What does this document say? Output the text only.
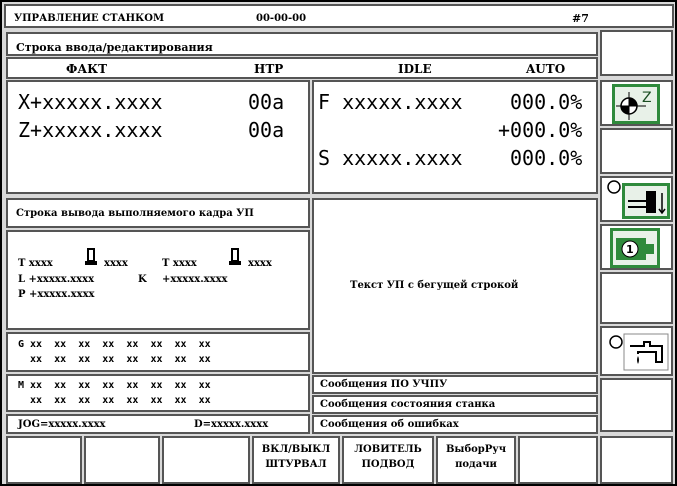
УПРАВЛЕНИЕ СТАНКОМ	00-00-00	#7
Строка ввода/редактирования
ФАКТ	НТР	IDLE	AUTO
X+xxxxx.xxxx	00a
Z+xxxxx.xxxx	00a
F xxxxx.xxxx 000.0%
+000.0%
S xxxxx.xxxx 000.0%
Строка вывода выполняемого кадра УП
T xxxx	xxxx	T xxxx	xxxx
L +xxxxx.xxxx	K +xxxxx.xxxx
P +xxxxx.xxxx
Текст УП с бегущей строкой
G xx  xx  xx  xx  xx  xx  xx  xx
xx  xx  xx  xx  xx  xx  xx  xx
M xx  xx  xx  xx  xx  xx  xx  xx
xx  xx  xx  xx  xx  xx  xx  xx
JOG=xxxxx.xxxx	D=xxxxx.xxxx
Сообщения ПО УЧПУ
Сообщения состояния станка
Сообщения об ошибках
Z
1
ВКЛ/ВЫКЛ
ШТУРВАЛ
ЛОВИТЕЛЬ
ПОДВОД
ВыборРуч
подачи
